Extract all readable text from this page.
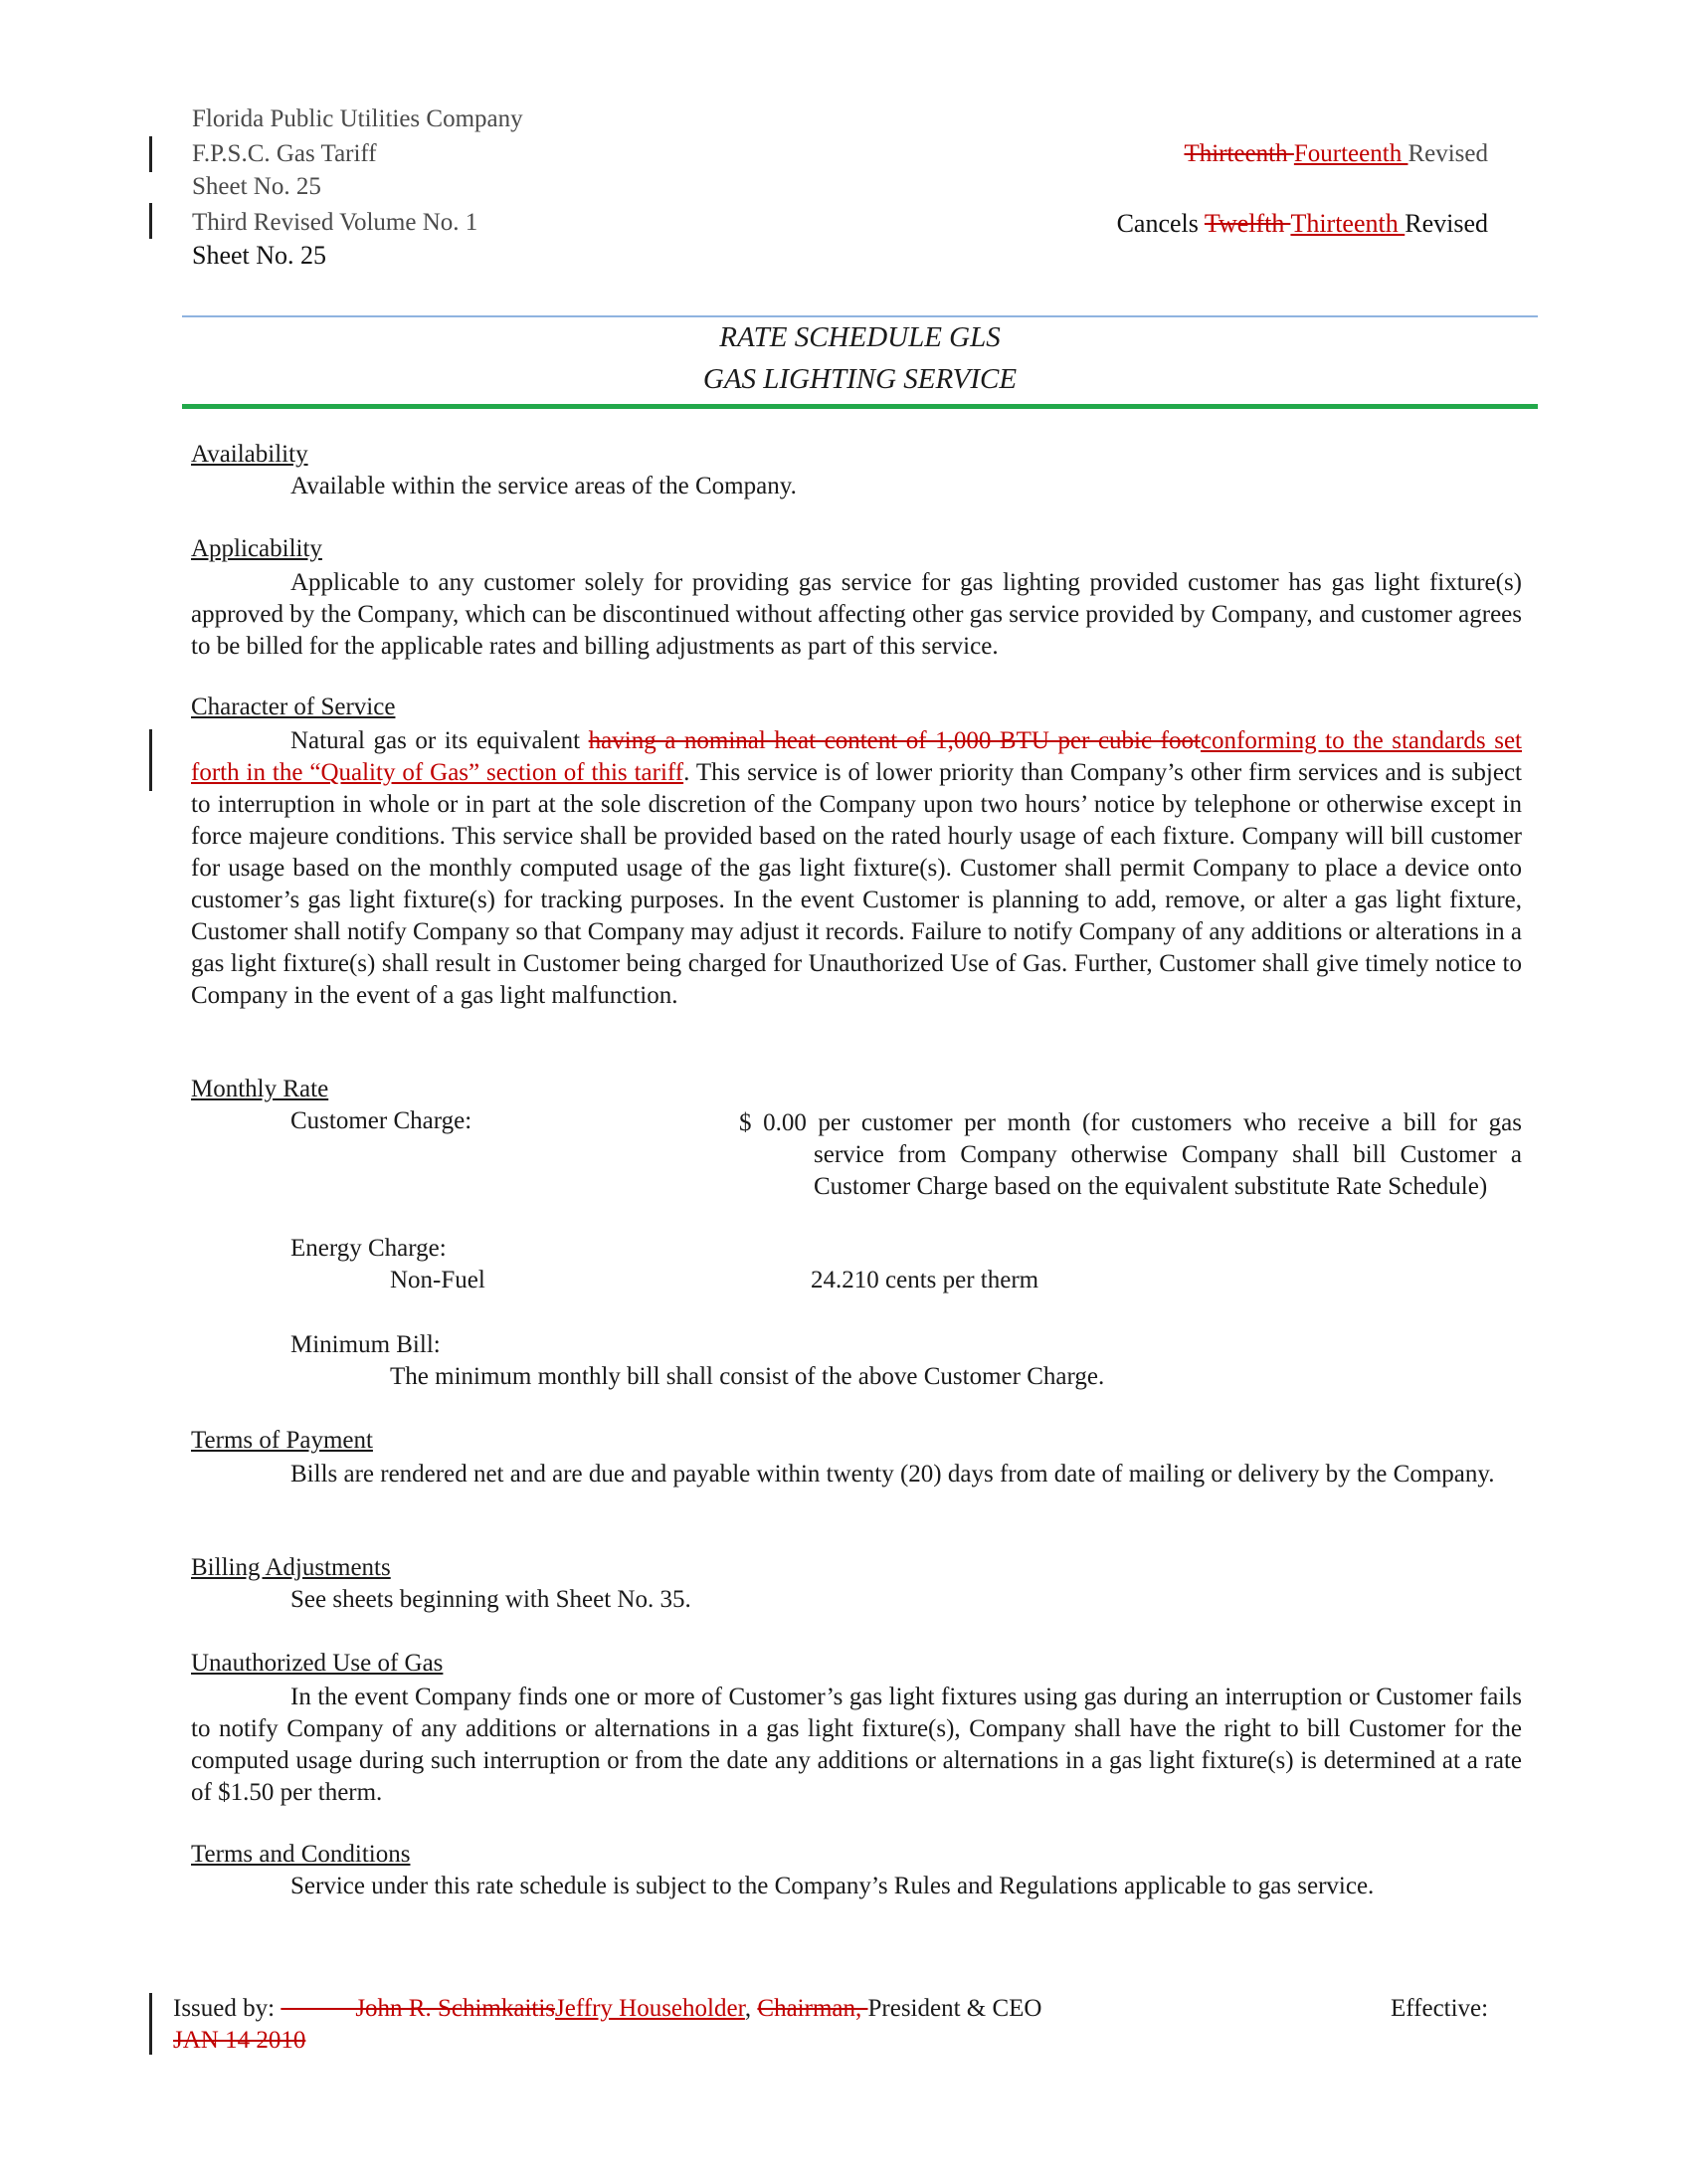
Florida Public Utilities Company
F.P.S.C. Gas Tariff
Sheet No. 25
Third Revised Volume No. 1
Sheet No. 25
Thirteenth Fourteenth Revised
Cancels Twelfth Thirteenth Revised
RATE SCHEDULE GLS
GAS LIGHTING SERVICE
Availability
Available within the service areas of the Company.
Applicability
Applicable to any customer solely for providing gas service for gas lighting provided customer has gas light fixture(s) approved by the Company, which can be discontinued without affecting other gas service provided by Company, and customer agrees to be billed for the applicable rates and billing adjustments as part of this service.
Character of Service
Natural gas or its equivalent having a nominal heat content of 1,000 BTU per cubic footconforming to the standards set forth in the “Quality of Gas” section of this tariff. This service is of lower priority than Company’s other firm services and is subject to interruption in whole or in part at the sole discretion of the Company upon two hours’ notice by telephone or otherwise except in force majeure conditions. This service shall be provided based on the rated hourly usage of each fixture. Company will bill customer for usage based on the monthly computed usage of the gas light fixture(s). Customer shall permit Company to place a device onto customer’s gas light fixture(s) for tracking purposes. In the event Customer is planning to add, remove, or alter a gas light fixture, Customer shall notify Company so that Company may adjust it records. Failure to notify Company of any additions or alterations in a gas light fixture(s) shall result in Customer being charged for Unauthorized Use of Gas. Further, Customer shall give timely notice to Company in the event of a gas light malfunction.
Monthly Rate
Customer Charge:	$ 0.00 per customer per month (for customers who receive a bill for gas service from Company otherwise Company shall bill Customer a Customer Charge based on the equivalent substitute Rate Schedule)
Energy Charge:
Non-Fuel	24.210 cents per therm
Minimum Bill:
The minimum monthly bill shall consist of the above Customer Charge.
Terms of Payment
Bills are rendered net and are due and payable within twenty (20) days from date of mailing or delivery by the Company.
Billing Adjustments
See sheets beginning with Sheet No. 35.
Unauthorized Use of Gas
In the event Company finds one or more of Customer’s gas light fixtures using gas during an interruption or Customer fails to notify Company of any additions or alternations in a gas light fixture(s), Company shall have the right to bill Customer for the computed usage during such interruption or from the date any additions or alternations in a gas light fixture(s) is determined at a rate of $1.50 per therm.
Terms and Conditions
Service under this rate schedule is subject to the Company’s Rules and Regulations applicable to gas service.
Issued by:             John R. SchimkaitisJeffry Householder, Chairman, President & CEO	Effective:
JAN 14 2010
